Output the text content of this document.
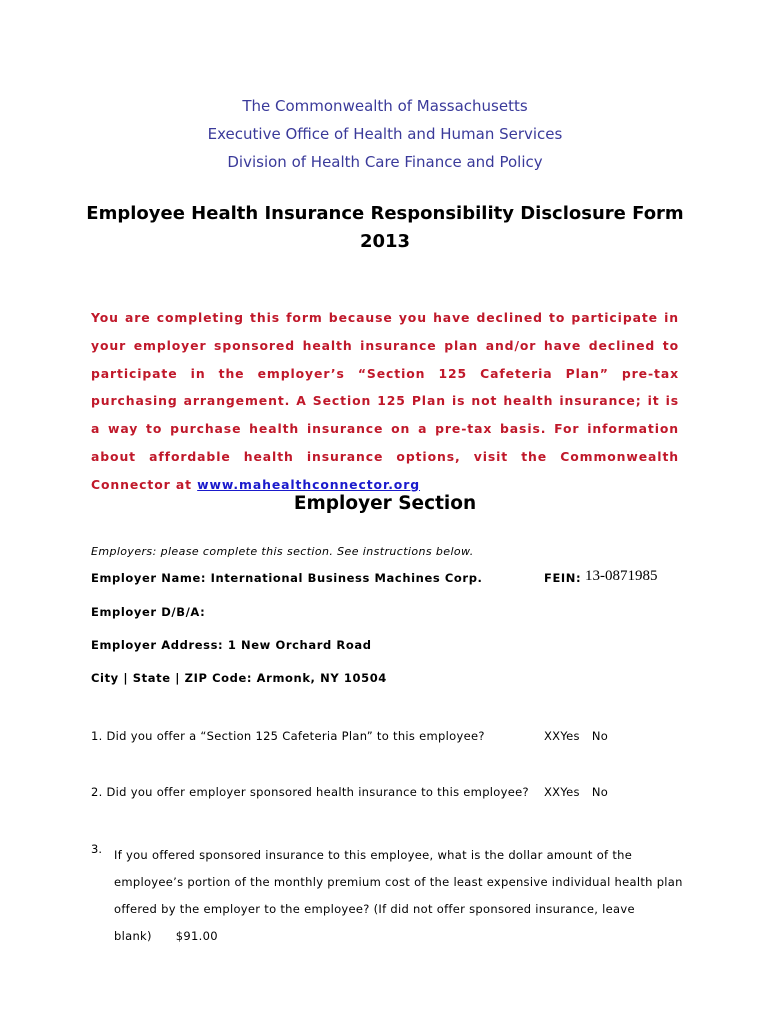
The Commonwealth of Massachusetts
Executive Office of Health and Human Services
Division of Health Care Finance and Policy
Employee Health Insurance Responsibility Disclosure Form
2013
You are completing this form because you have declined to participate in your employer sponsored health insurance plan and/or have declined to participate in the employer’s “Section 125 Cafeteria Plan” pre-tax purchasing arrangement. A Section 125 Plan is not health insurance; it is a way to purchase health insurance on a pre-tax basis. For information about affordable health insurance options, visit the Commonwealth Connector at www.mahealthconnector.org
Employer Section
Employers: please complete this section. See instructions below.
Employer Name: International Business Machines Corp.	FEIN: 13-0871985
Employer D/B/A:
Employer Address: 1 New Orchard Road
City | State | ZIP Code: Armonk, NY 10504
1. Did you offer a “Section 125 Cafeteria Plan” to this employee?	XXYes No
2. Did you offer employer sponsored health insurance to this employee? XXYes No
3. If you offered sponsored insurance to this employee, what is the dollar amount of the employee’s portion of the monthly premium cost of the least expensive individual health plan offered by the employer to the employee? (If did not offer sponsored insurance, leave blank) $91.00
